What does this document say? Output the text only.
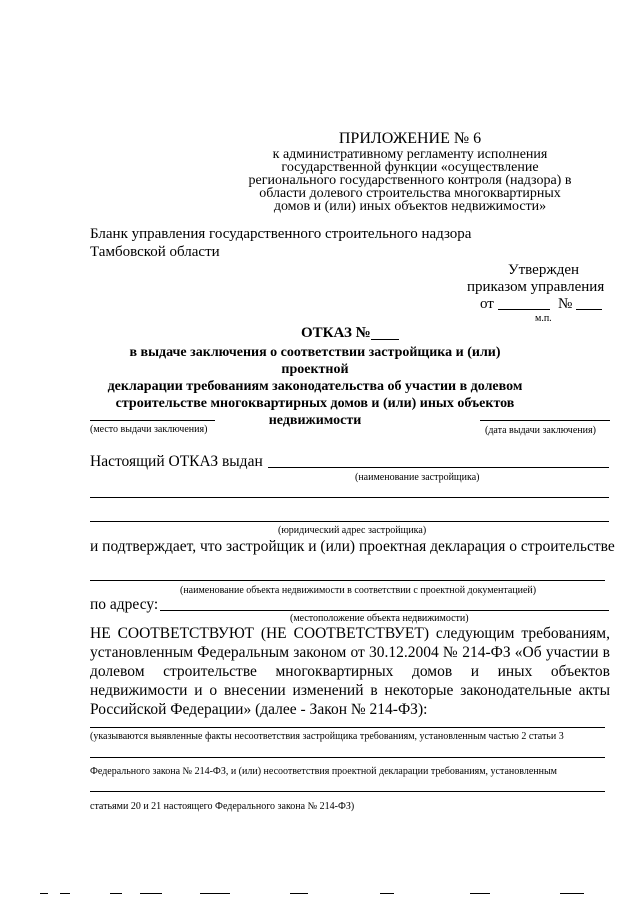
ПРИЛОЖЕНИЕ № 6
к административному регламенту исполнения
государственной функции «осуществление
регионального государственного контроля (надзора) в
области долевого строительства многоквартирных
домов и (или) иных объектов недвижимости»
Бланк управления государственного строительного надзора
Тамбовской области
Утвержден
приказом управления
от	№
м.п.
ОТКАЗ №
в выдаче заключения о соответствии застройщика и (или) проектной
декларации требованиям законодательства об участии в долевом
строительстве многоквартирных домов и (или) иных объектов
недвижимости
(место выдачи заключения)	(дата выдачи заключения)
Настоящий ОТКАЗ выдан
(наименование застройщика)
(юридический адрес застройщика)
и подтверждает, что застройщик и (или) проектная декларация о строительстве
(наименование объекта недвижимости в соответствии с проектной документацией)
по адресу:
(местоположение объекта недвижимости)

НЕ СООТВЕТСТВУЮТ (НЕ СООТВЕТСТВУЕТ) следующим требованиям,

установленным Федеральным законом от 30.12.2004 № 214-ФЗ «Об участии в

долевом строительстве многоквартирных домов и иных объектов

недвижимости и о внесении изменений в некоторые законодательные акты

Российской Федерации» (далее - Закон № 214-ФЗ):

(указываются выявленные факты несоответствия застройщика требованиям, установленным частью 2 статьи 3
Федерального закона № 214-ФЗ, и (или) несоответствия проектной декларации требованиям, установленным
статьями 20 и 21 настоящего Федерального закона № 214-ФЗ)
